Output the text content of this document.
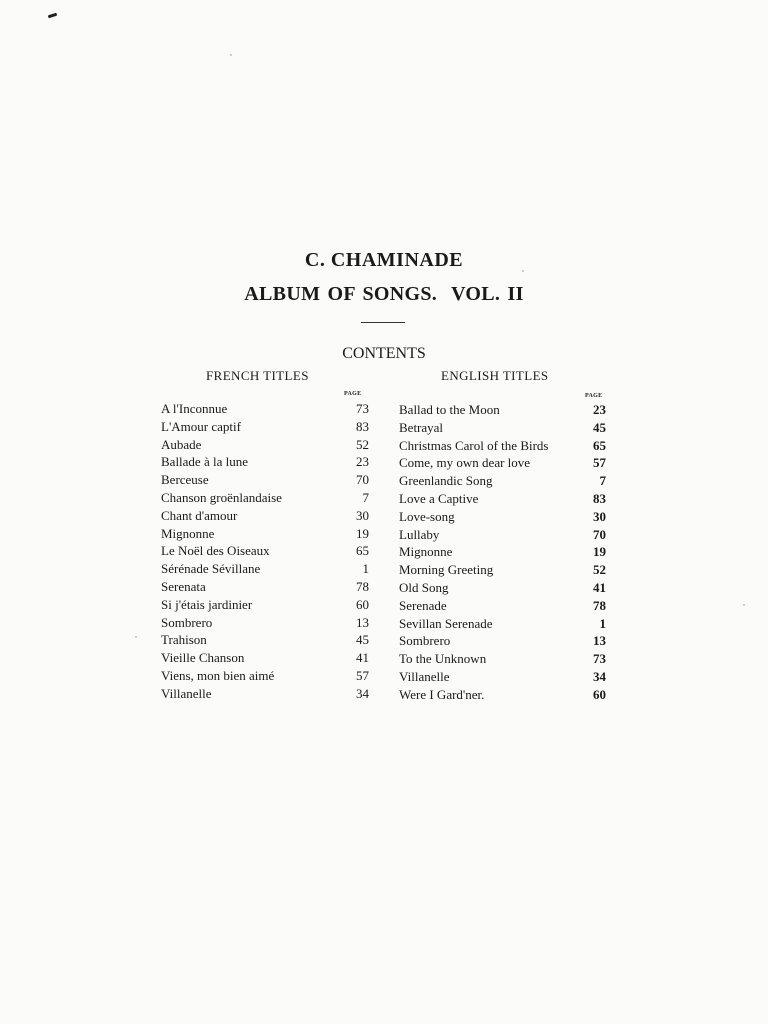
C. CHAMINADE
ALBUM OF SONGS. VOL. II
CONTENTS
FRENCH TITLES	ENGLISH TITLES
PAGE	PAGE
A l'Inconnue	73
L'Amour captif	83
Aubade	52
Ballade à la lune	23
Berceuse	70
Chanson groënlandaise	7
Chant d'amour	30
Mignonne	19
Le Noël des Oiseaux	65
Sérénade Sévillane	1
Serenata	78
Si j'étais jardinier	60
Sombrero	13
Trahison	45
Vieille Chanson	41
Viens, mon bien aimé	57
Villanelle	34
Ballad to the Moon	23
Betrayal	45
Christmas Carol of the Birds	65
Come, my own dear love	57
Greenlandic Song	7
Love a Captive	83
Love-song	30
Lullaby	70
Mignonne	19
Morning Greeting	52
Old Song	41
Serenade	78
Sevillan Serenade	1
Sombrero	13
To the Unknown	73
Villanelle	34
Were I Gard'ner.	60
